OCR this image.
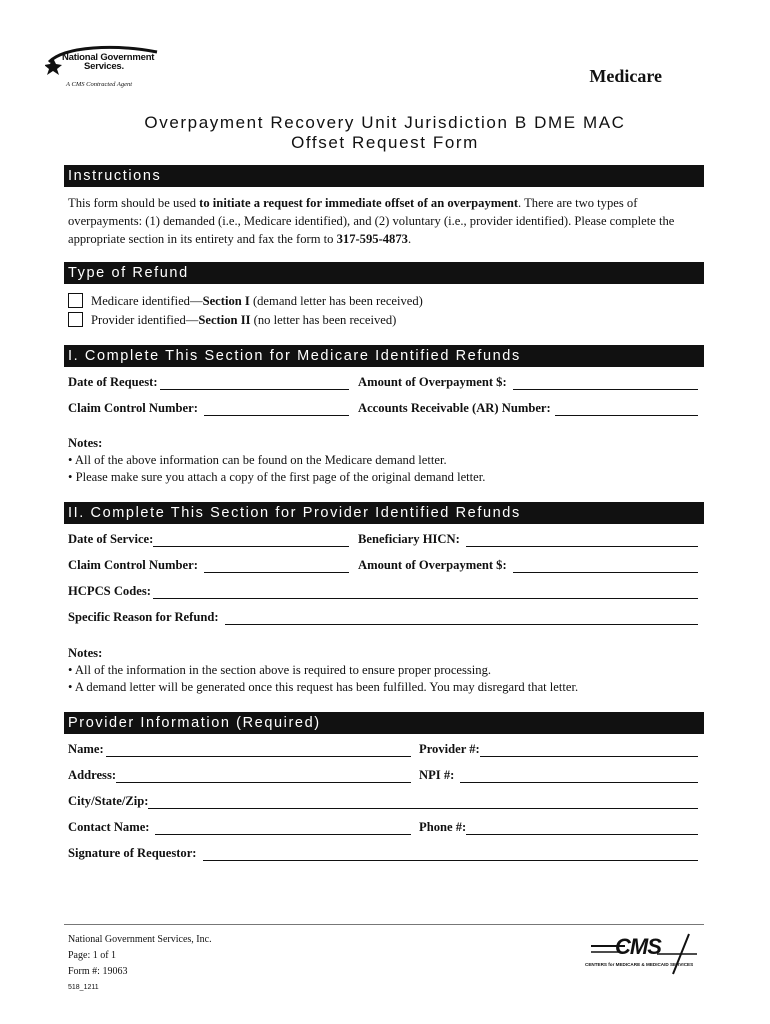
National Government
Services.
A CMS Contracted Agent	Medicare
Overpayment Recovery Unit Jurisdiction B DME MAC
Offset Request Form
Instructions
This form should be used to initiate a request for immediate offset of an overpayment. There are two types of overpayments: (1) demanded (i.e., Medicare identified), and (2) voluntary (i.e., provider identified). Please complete the appropriate section in its entirety and fax the form to 317-595-4873.
Type of Refund
Medicare identified—Section I (demand letter has been received)
Provider identified—Section II (no letter has been received)
I. Complete This Section for Medicare Identified Refunds
Date of Request:	Amount of Overpayment $:
Claim Control Number:	Accounts Receivable (AR) Number:
Notes:
• All of the above information can be found on the Medicare demand letter.
• Please make sure you attach a copy of the first page of the original demand letter.
II. Complete This Section for Provider Identified Refunds
Date of Service:	Beneficiary HICN:
Claim Control Number:	Amount of Overpayment $:
HCPCS Codes:
Specific Reason for Refund:
Notes:
• All of the information in the section above is required to ensure proper processing.
• A demand letter will be generated once this request has been fulfilled. You may disregard that letter.
Provider Information (Required)
Name:	Provider #:
Address:	NPI #:
City/State/Zip:
Contact Name:	Phone #:
Signature of Requestor:
National Government Services, Inc.
Page: 1 of 1
Form #: 19063
518_1211
CMS
CENTERS for MEDICARE & MEDICAID SERVICES
